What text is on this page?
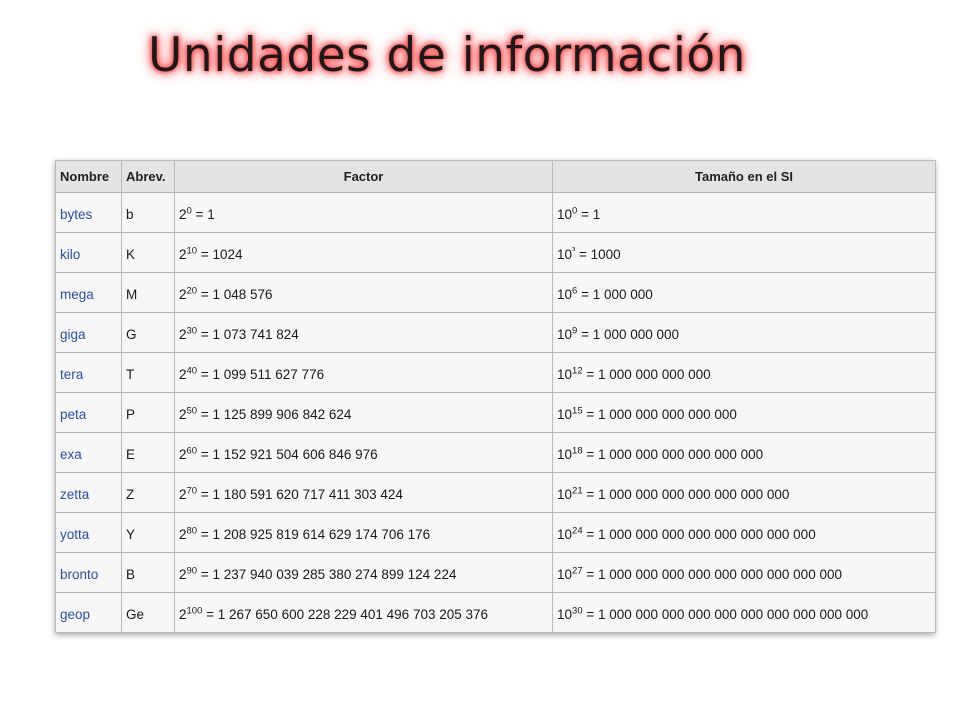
Unidades de información
Nombre	Abrev.	Factor	Tamaño en el SI
bytes	b	$2^0 = 1$	$10^0 = 1$
kilo	K	$2^{10} = 1024$	$10^{^3} = 1000$
mega	M	$2^{20} = 1$ 048 576	$10^6 = 1$ 000 000
giga	G	$2^{30} = 1$ 073 741 824	$10^9 = 1$ 000 000 000
tera	T	$2^{40} = 1$ 099 511 627 776	$10^{12} = 1$ 000 000 000 000
peta	P	$2^{50} = 1$ 125 899 906 842 624	$10^{15} = 1$ 000 000 000 000 000
exa	E	$2^{60} = 1$ 152 921 504 606 846 976	$10^{18} = 1$ 000 000 000 000 000 000
zetta	Z	$2^{70} = 1$ 180 591 620 717 411 303 424	$10^{21} = 1$ 000 000 000 000 000 000 000
yotta	Y	$2^{80} = 1$ 208 925 819 614 629 174 706 176	$10^{24} = 1$ 000 000 000 000 000 000 000 000
bronto	B	$2^{90} = 1$ 237 940 039 285 380 274 899 124 224	$10^{27} = 1$ 000 000 000 000 000 000 000 000 000
geop	Ge	$2^{100} = 1$ 267 650 600 228 229 401 496 703 205 376	$10^{30} = 1$ 000 000 000 000 000 000 000 000 000 000
